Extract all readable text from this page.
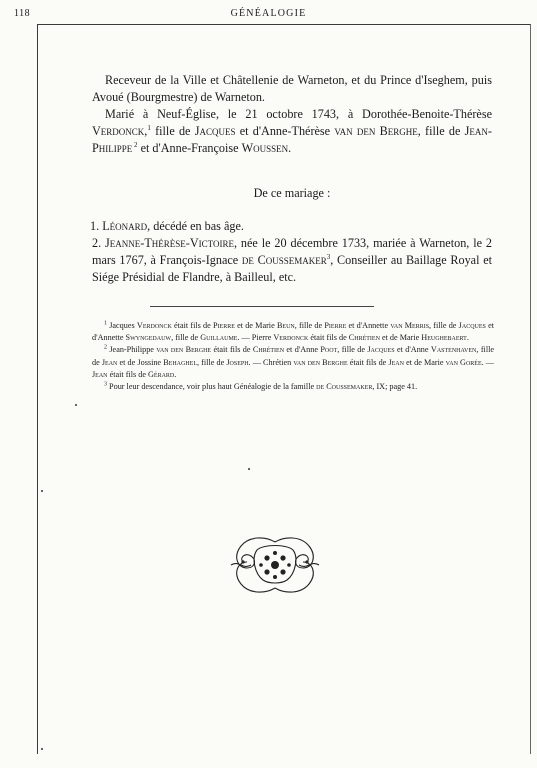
118	GÉNÉALOGIE

Receveur de la Ville et Châtellenie de Warneton, et du Prince d'Iseghem, puis Avoué (Bourgmestre) de Warneton.

Marié à Neuf-Église, le 21 octobre 1743, à Dorothée-Benoite-Thérèse Verdonck,$^1$ fille de Jacques et d'Anne-Thérèse van den Berghe, fille de Jean-Philippe $^2$ et d'Anne-Françoise Woussen.

De ce mariage :

1. Léonard, décédé en bas âge.

2. Jeanne-Thérèse-Victoire, née le 20 décembre 1733, mariée à Warneton, le 2 mars 1767, à François-Ignace de Coussemaker$^3$, Conseiller au Baillage Royal et Siége Présidial de Flandre, à Bailleul, etc.

$^1$ Jacques Verdonck était fils de Pierre et de Marie Beun, fille de Pierre et d'Annette van Merris, fille de Jacques et d'Annette Swyngedauw, fille de Guillaume. — Pierre Verdonck était fils de Chrétien et de Marie Heughebaert.

$^2$ Jean-Philippe van den Berghe était fils de Chrétien et d'Anne Poot, fille de Jacques et d'Anne Vastenhaven, fille de Jean et de Jossine Behaghel, fille de Joseph. — Chrétien van den Berghe était fils de Jean et de Marie van Gorée. — Jean était fils de Gérard.

$^3$ Pour leur descendance, voir plus haut Généalogie de la famille de Coussemaker, IX; page 41.
